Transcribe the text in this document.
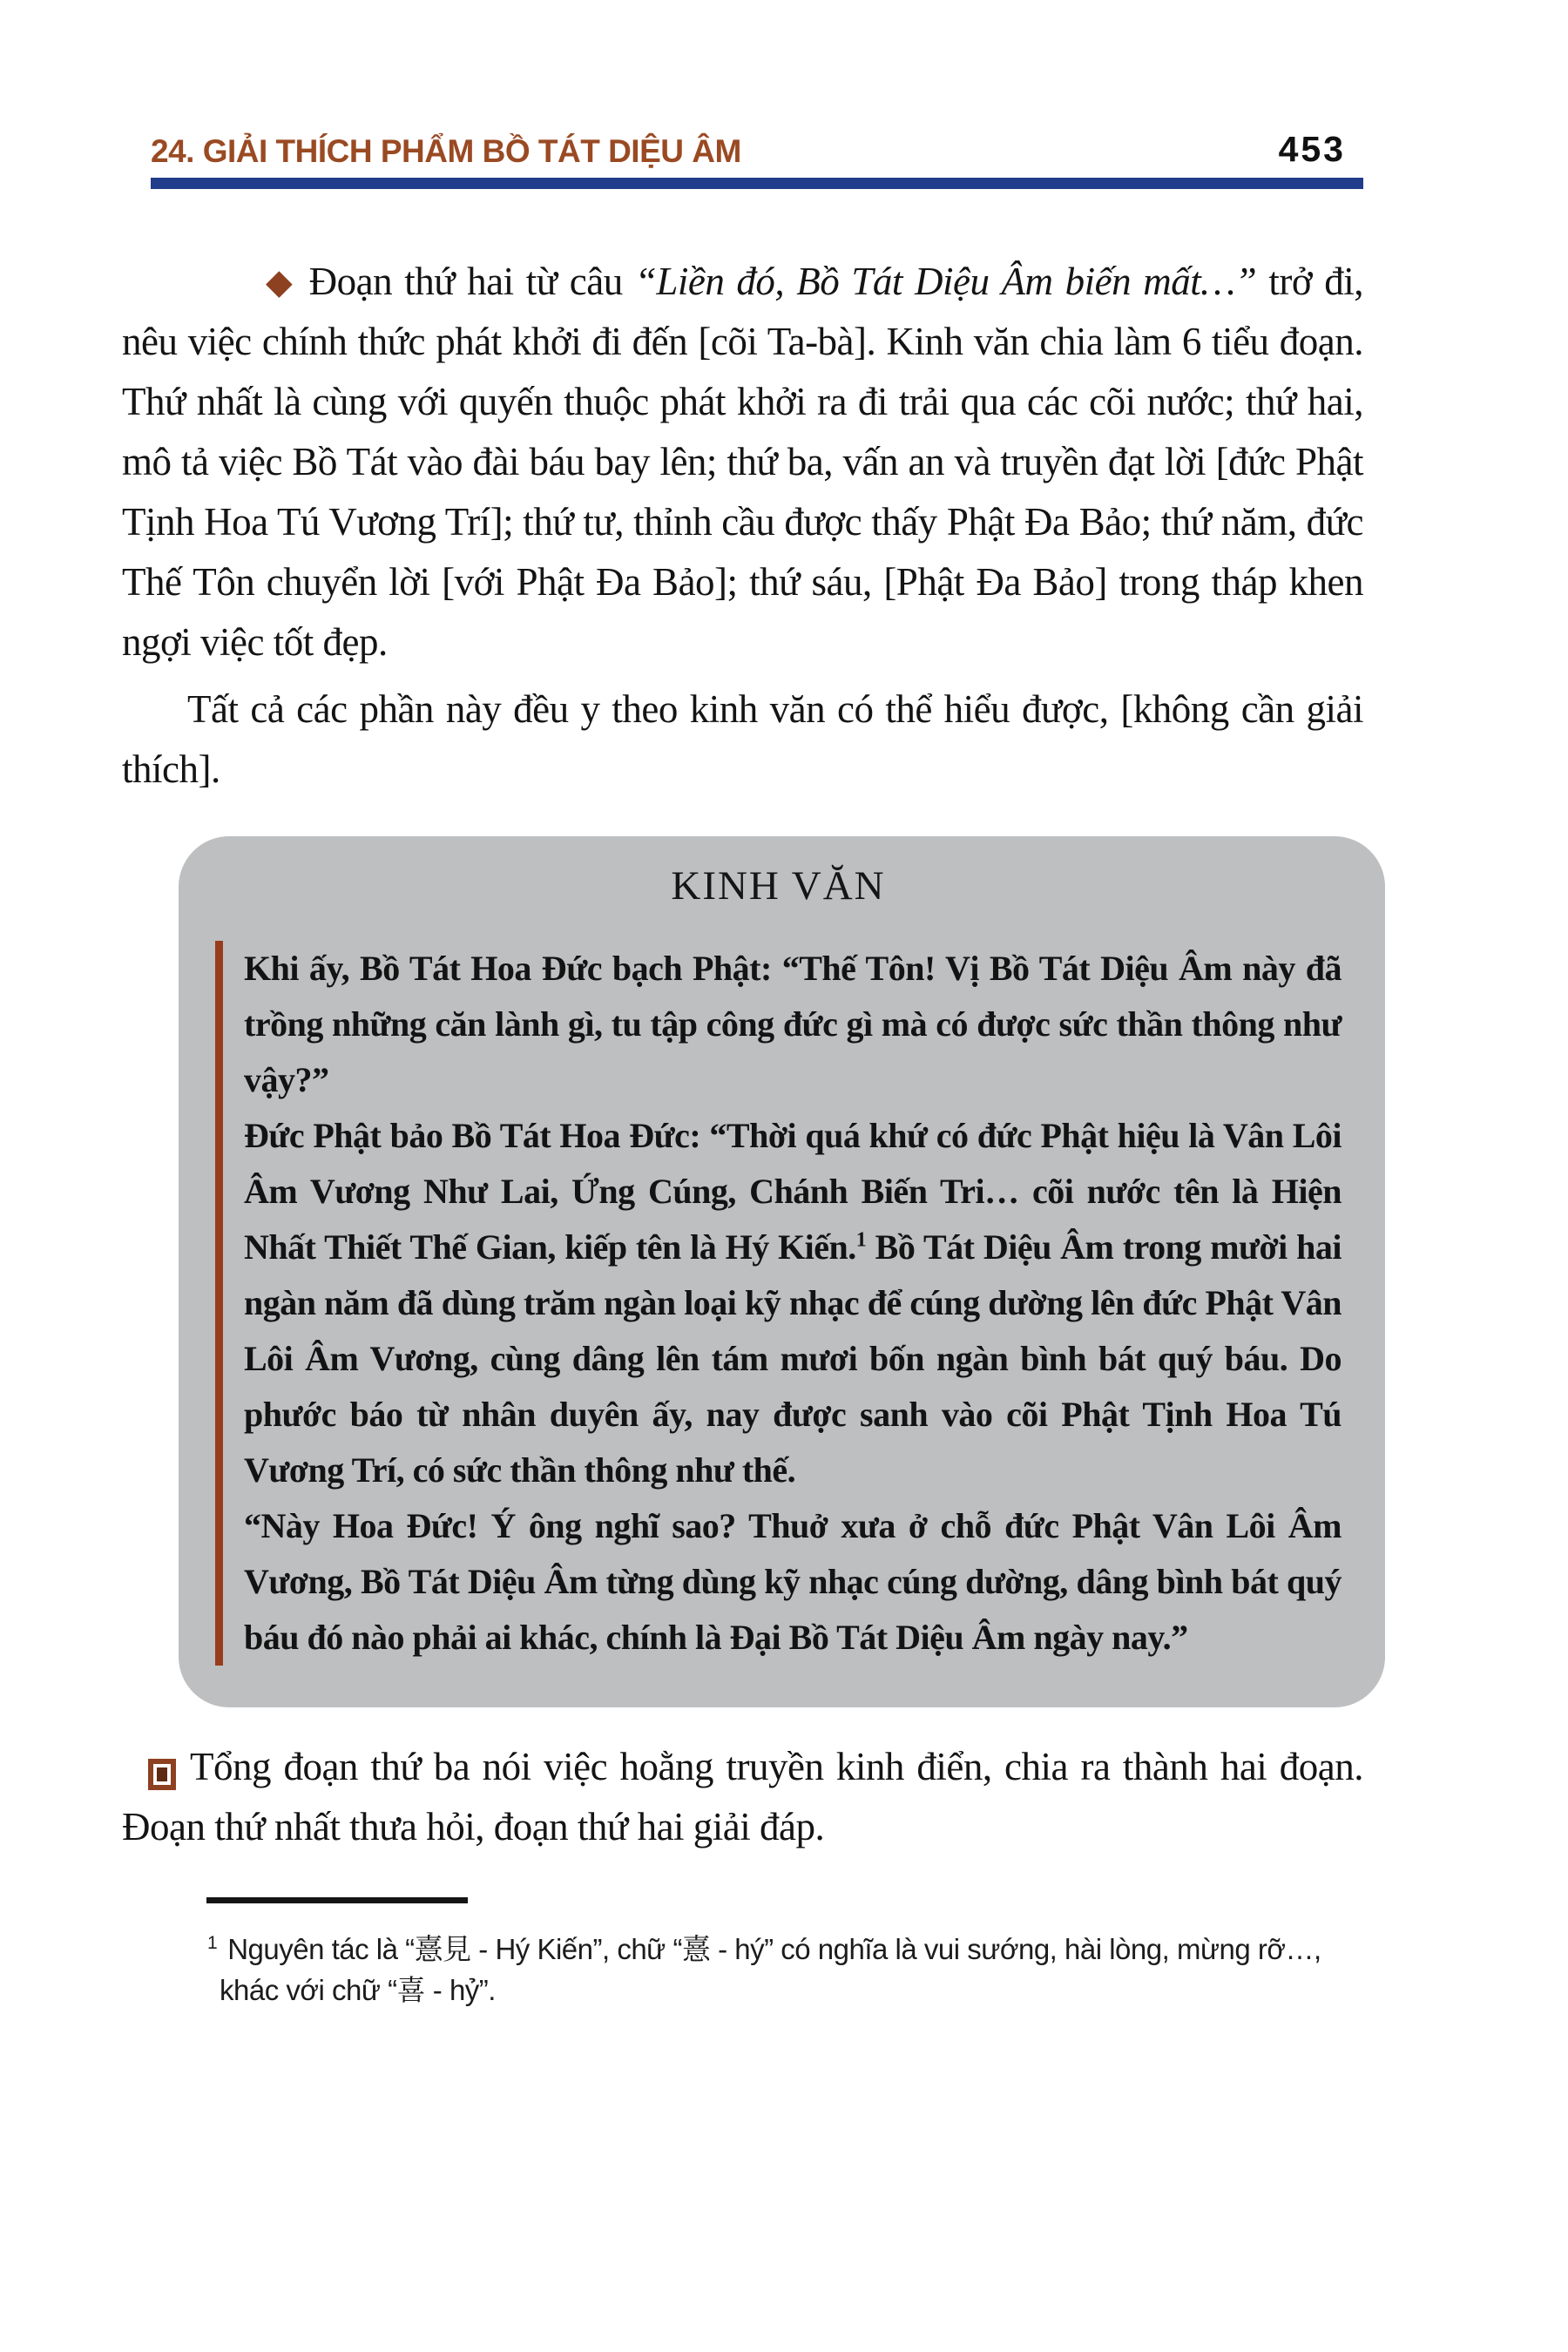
24. GIẢI THÍCH PHẨM BỒ TÁT DIỆU ÂM	453

◆ Đoạn thứ hai từ câu “Liền đó, Bồ Tát Diệu Âm biến mất…” trở đi, nêu việc chính thức phát khởi đi đến [cõi Ta-bà]. Kinh văn chia làm 6 tiểu đoạn. Thứ nhất là cùng với quyến thuộc phát khởi ra đi trải qua các cõi nước; thứ hai, mô tả việc Bồ Tát vào đài báu bay lên; thứ ba, vấn an và truyền đạt lời [đức Phật Tịnh Hoa Tú Vương Trí]; thứ tư, thỉnh cầu được thấy Phật Đa Bảo; thứ năm, đức Thế Tôn chuyển lời [với Phật Đa Bảo]; thứ sáu, [Phật Đa Bảo] trong tháp khen ngợi việc tốt đẹp.

Tất cả các phần này đều y theo kinh văn có thể hiểu được, [không cần giải thích].

KINH VĂN

Khi ấy, Bồ Tát Hoa Đức bạch Phật: “Thế Tôn! Vị Bồ Tát Diệu Âm này đã trồng những căn lành gì, tu tập công đức gì mà có được sức thần thông như vậy?”

Đức Phật bảo Bồ Tát Hoa Đức: “Thời quá khứ có đức Phật hiệu là Vân Lôi Âm Vương Như Lai, Ứng Cúng, Chánh Biến Tri… cõi nước tên là Hiện Nhất Thiết Thế Gian, kiếp tên là Hý Kiến.$^1$ Bồ Tát Diệu Âm trong mười hai ngàn năm đã dùng trăm ngàn loại kỹ nhạc để cúng dường lên đức Phật Vân Lôi Âm Vương, cùng dâng lên tám mươi bốn ngàn bình bát quý báu. Do phước báo từ nhân duyên ấy, nay được sanh vào cõi Phật Tịnh Hoa Tú Vương Trí, có sức thần thông như thế.

“Này Hoa Đức! Ý ông nghĩ sao? Thuở xưa ở chỗ đức Phật Vân Lôi Âm Vương, Bồ Tát Diệu Âm từng dùng kỹ nhạc cúng dường, dâng bình bát quý báu đó nào phải ai khác, chính là Đại Bồ Tát Diệu Âm ngày nay.”

Tổng đoạn thứ ba nói việc hoằng truyền kinh điển, chia ra thành hai đoạn. Đoạn thứ nhất thưa hỏi, đoạn thứ hai giải đáp.

$^1$ Nguyên tác là “憙見 - Hý Kiến”, chữ “憙 - hý” có nghĩa là vui sướng, hài lòng, mừng rỡ…, khác với chữ “喜 - hỷ”.
